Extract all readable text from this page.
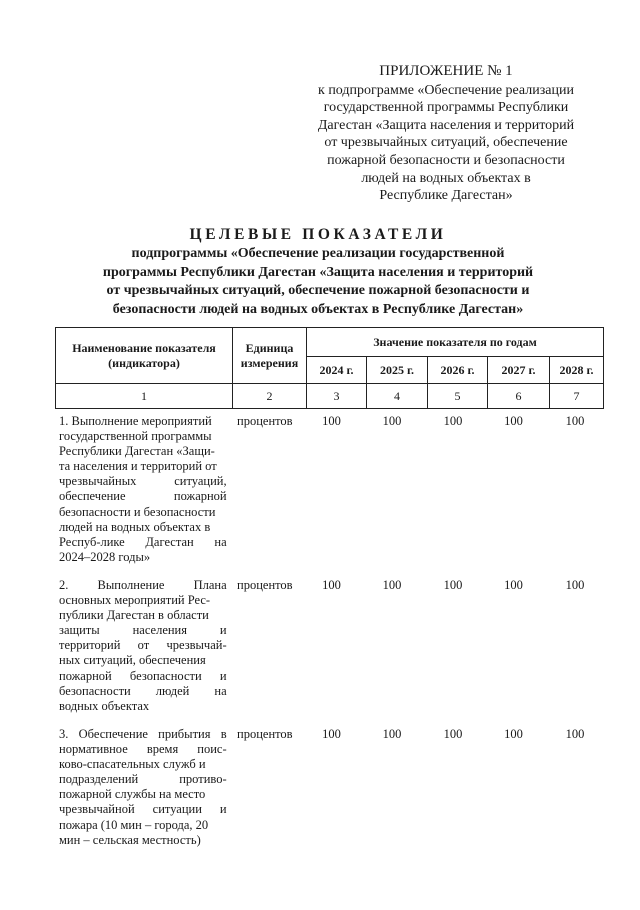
ПРИЛОЖЕНИЕ № 1
к подпрограмме «Обеспечение реализации
государственной программы Республики
Дагестан «Защита населения и территорий
от чрезвычайных ситуаций, обеспечение
пожарной безопасности и безопасности
людей на водных объектах в
Республике Дагестан»
ЦЕЛЕВЫЕ ПОКАЗАТЕЛИ
подпрограммы «Обеспечение реализации государственной
программы Республики Дагестан «Защита населения и территорий
от чрезвычайных ситуаций, обеспечение пожарной безопасности и
безопасности людей на водных объектах в Республике Дагестан»
Наименование показателя (индикатора)	Единица измерения	Значение показателя по годам				
		2024 г.	2025 г.	2026 г.	2027 г.	2028 г.
1	2	3	4	5	6	7
1. Выполнение мероприятий
государственной программы
Республики Дагестан «Защи-
та населения и территорий от
чрезвычайных ситуаций,
обеспечение пожарной
безопасности и безопасности
людей на водных объектах в
Респуб-лике Дагестан на
2024–2028 годы»
процентов	100	100	100	100	100
2. Выполнение Плана
основных мероприятий Рес-
публики Дагестан в области
защиты населения и
территорий от чрезвычай-
ных ситуаций, обеспечения
пожарной безопасности и
безопасности людей на
водных объектах
процентов	100	100	100	100	100
3. Обеспечение прибытия в
нормативное время поис-
ково-спасательных служб и
подразделений противо-
пожарной службы на место
чрезвычайной ситуации и
пожара (10 мин – города, 20
мин – сельская местность)
процентов	100	100	100	100	100
